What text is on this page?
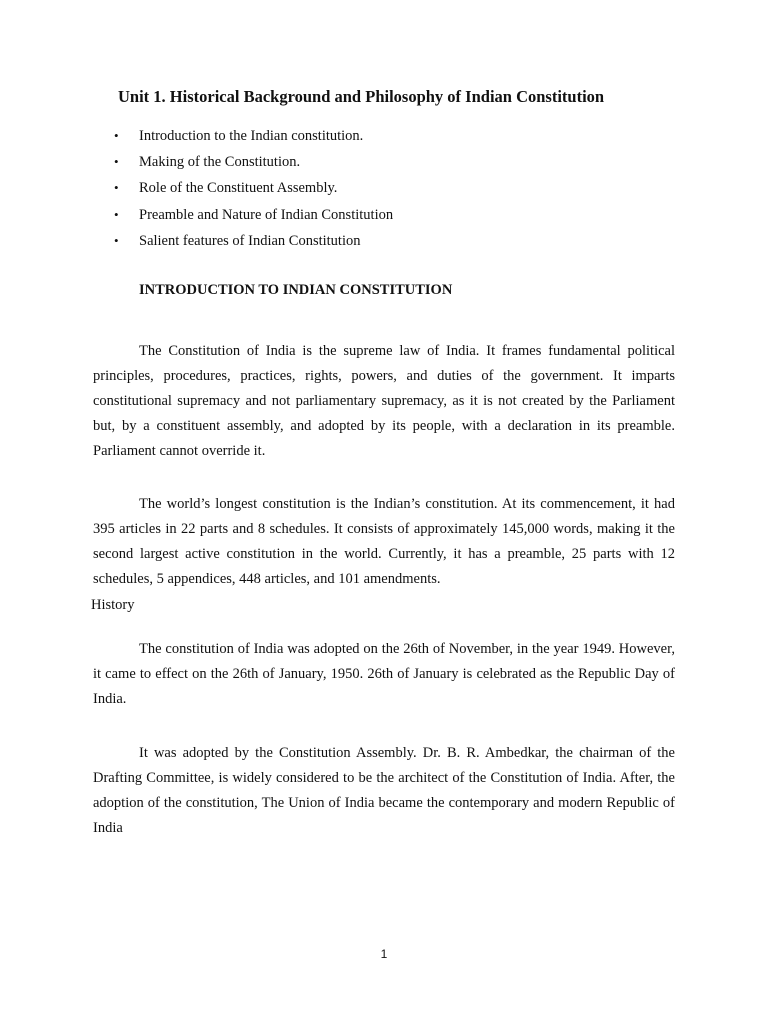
Unit 1. Historical Background and Philosophy of Indian Constitution
• Introduction to the Indian constitution.
• Making of the Constitution.
• Role of the Constituent Assembly.
• Preamble and Nature of Indian Constitution
• Salient features of Indian Constitution
INTRODUCTION TO INDIAN CONSTITUTION

The Constitution of India is the supreme law of India. It frames fundamental political principles, procedures, practices, rights, powers, and duties of the government. It imparts constitutional supremacy and not parliamentary supremacy, as it is not created by the Parliament but, by a constituent assembly, and adopted by its people, with a declaration in its preamble. Parliament cannot override it.

The world’s longest constitution is the Indian’s constitution. At its commencement, it had 395 articles in 22 parts and 8 schedules. It consists of approximately 145,000 words, making it the second largest active constitution in the world. Currently, it has a preamble, 25 parts with 12 schedules, 5 appendices, 448 articles, and 101 amendments.

History

The constitution of India was adopted on the 26th of November, in the year 1949. However, it came to effect on the 26th of January, 1950. 26th of January is celebrated as the Republic Day of India.

It was adopted by the Constitution Assembly. Dr. B. R. Ambedkar, the chairman of the Drafting Committee, is widely considered to be the architect of the Constitution of India. After, the adoption of the constitution, The Union of India became the contemporary and modern Republic of India

1
